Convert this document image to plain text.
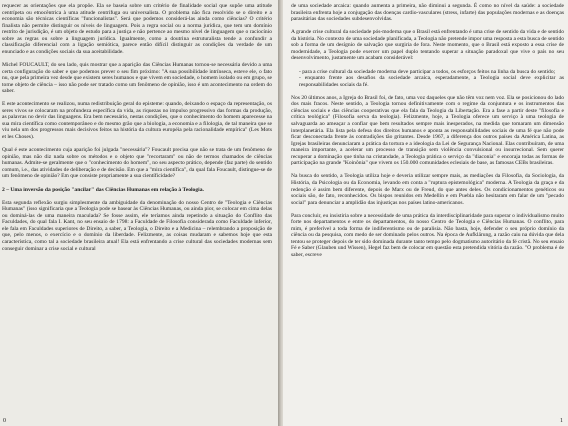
requecer as orientações que ela propôe. Ela se baseia sobre um critério de finalidade social que supõe uma atitude centrípeta ou etnocêntrica à uma atitude centrífuga ou universalista. O problema não fica resolvido se o direito e a economia são técnicas científicas "funcionalistas". Será que podemos considerá-las ainda como ciências? O critério finalista não permite distinguir os níveis de linguagem. Pois a regra social ou a norma jurídica, que tem um domínio restrito de jurisdição, é um objeto de estudo para a justiça e não pertence ao mesmo nível de linguagem que o raciocínio sobre as regras ou sobre a linguagem jurídica. Igualmente, como a doutrina estruturalista tende a confundir a classificação diferencial com a ligação semiótica, parece então difícil distinguir as condições da verdade de um enunciado e as condições sociais da sua aceitabilidade.

Michel FOUCAULT, do seu lado, quis mostrar que a aparição das Ciências Humanas tornou-se necessária devido a uma certa configuração do saber e que podemos prever o seu fim próximo: "A sua possibilidade intrínseca, esteve ele, o fato nu, que pela primeira vez desde que existem seres humanos e que vivem em sociedade, o homem isolado ou em grupo, se torne objeto de ciência – isso não pode ser tratado como um fenômeno de opinião, isso é um acontecimento na ordem do saber.

E este acontecimento se realizou, numa redistribuição geral do episteme: quando, deixando o espaço da representação, os seres vivos se colocaram na profundeza específica da vida, as riquezas no impulso progressivo das formas da produção, as palavras no devir das linguagens. Era bem necessário, nestas condições, que o conhecimento do homem aparecesse na sua mira científica como contemporâneo e do mesmo grão que a biologia, a economia e a filologia, de tal maneira que se viu nela um dos progressos mais decisivos feitos na história da cultura européia pela racionalidade empírica" (Les Mots et les Choses).

Qual é este acontecimento cuja aparição foi julgada "necessária"? Foucault precisa que não se trata de um fenômeno de opinião, mas não diz nada sobre os métodos e o objeto que "recortaram" ou não de termos chamados de ciências humanas. Admite-se geralmente que o "conhecimento do homem", no seu aspecto prático, depende (faz parte) do sentido comum, i.e., das atividades de deliberação e de decisão. Em que a "mira científica", da qual fala Foucault, distingue-se de um fenômeno de opinião? Em que consiste propriamente a sua científicidade?

2 – Uma inversão da posição "ancilar" das Ciências Humanas em relação à Teologia.

Esta segunda reflexão surgiu simplesmente da ambiguidade da denominação do nosso Centro de "Teologia e Ciências Humanas" (isso significaria que a Teologia pode se basear às Ciências Humanas, ou ainda pior, se colocar em cima delas ou dominá-las de uma maneira maculada? Se fosse assim, ele teríamos ainda repetindo a situação do Conflito das Faculdades, do qual fala I. Kant, no seu ensaio de 1798: a Faculdade de Filosofia considerada como Faculdade inferior, ele fala em Faculdades superiores de Direito, a saber, a Teologia, o Direito e a Medicina – relembrando a proposição de que, pelo menos, o exercício e o domínio da liberdade. Felizmente, as coisas mudaram e sabemos hoje que esta característica, como tal a sociedade brasileira atual! Ela está enfrentando a crise cultural das sociedades modernas sem conseguir dominar a crise social e cultural

0

de uma sociedade arcaica: quando aumenta a primeira, não diminui a segunda. É como no nível da saúde: a sociedade brasileira enfrenta hoje a conjugação das doenças cardio-vasculares (stress, infarte) das populações modernas e as doenças parasitárias das sociedades subdesenvolvidas.

A grande crise cultural da sociedade pós-moderna que o Brasil está enfrentando é uma crise de sentido da vida e de sentido da história. No contexto de uma sociedade planificada, a Teologia não pretende impor uma resposta a esta busca de sentido sob a forma de um desígnio de salvação que surgiria de fora. Neste momento, que o Brasil está exposto a essa crise de modernidade, a Teologia pode exercer um papel duplo tentando superar a situação paradoxal que vive o país no seu desenvolvimento, justamente um acabam considerável:

- para a crise cultural da sociedade moderna deve participar a todos, os esforços feitos na linha da busca do sentido;

- enquanto frente aos desafios da sociedade arcaica, esperadamente, a Teologia social deve explicitar as responsabilidades sociais da fé.

Nos 20 últimos anos, a Igreja do Brasil foi, de fato, uma voz daqueles que não têm voz nem voz. Ela se posicionou do lado dos mais fracos. Neste sentido, a Teologia tornou definitivamente com o regime da conjuntura e os instrumentos das ciências sociais e das ciências cooperativas que ela fala da Teologia da Libertação. Era a fase a partir deste "filosofia e crítica teológica" (Filosofia serva da teologia). Felizmente, hoje, a Teologia oferece um serviço à uma teologia de salvaguarda ao ameaçar a confiar que bem resultados sempre mais inesperados, na medida que tomaram um dimensão interplanetária. Ela lista pela defesa dos direitos humanos e aponta as responsabilidades sociais de uma fé que não pode ficar desconectada frente às contradições tão gritantes. Desde 1967, a diferença dos outros países da América Latina, as Igrejas brasileiras denunciaram a prática da tortura e a ideologia da Lei de Segurança Nacional. Elas contribuíram, de uma maneira importante, a acelerar um processo de transição sem violência convulsional ou insurrecional. Sem querer recuperar a dominação que tinha na cristandade, a Teologia prática o serviço da "diaconia" e encoraja todas as formas de participação na grande "Koinônia" que vivem os 150.000 comunidades eclesiais de base, as famosas CEBs brasileiras.

Na busca do sentido, a Teologia utiliza hoje e deveria utilizar sempre mais, as mediações da Filosofia, da Sociologia, da História, da Psicologia ou da Economia, levando em conta a "ruptura epistemológica" moderna. A Teologia da graça e da redenção é assim bem diferente, depois de Marx ou de Freud, do que antes deles. Os condicionamentos genéticos ou sociais são, de fato, reconhecidos. Os bispos reunidos em Medellín e em Puebla não hesitaram em falar de um "pecado social" para denunciar a amplidão das injustiças nos países latino-americanos.

Para concluir, eu insistiria sobre a necessidade de uma prática da interdisciplinaridade para superar o individualismo muito forte nos departamentos e entre os departamentos, do nosso Centro de Teologia e Ciências Humanas. O conflito, para mim, é preferível a toda forma de indiferentismo ou de paralisia. Não basta, hoje, defender o seu próprio domínio da ciência ou da pesquisa, com medo de ser dominado pelos outros. Na época de Aufklärung, a razão caiu na dúvida que dela tentou se proteger depois de ter sido dominada durante tanto tempo pelo dogmatismo autoritário da fé cristã. No seu ensaio Fé e Saber (Glauben und Wissen), Hegel faz bem de colocar em questão esta pretendida vitória da razão. "O problema é de saber, escreve

1
